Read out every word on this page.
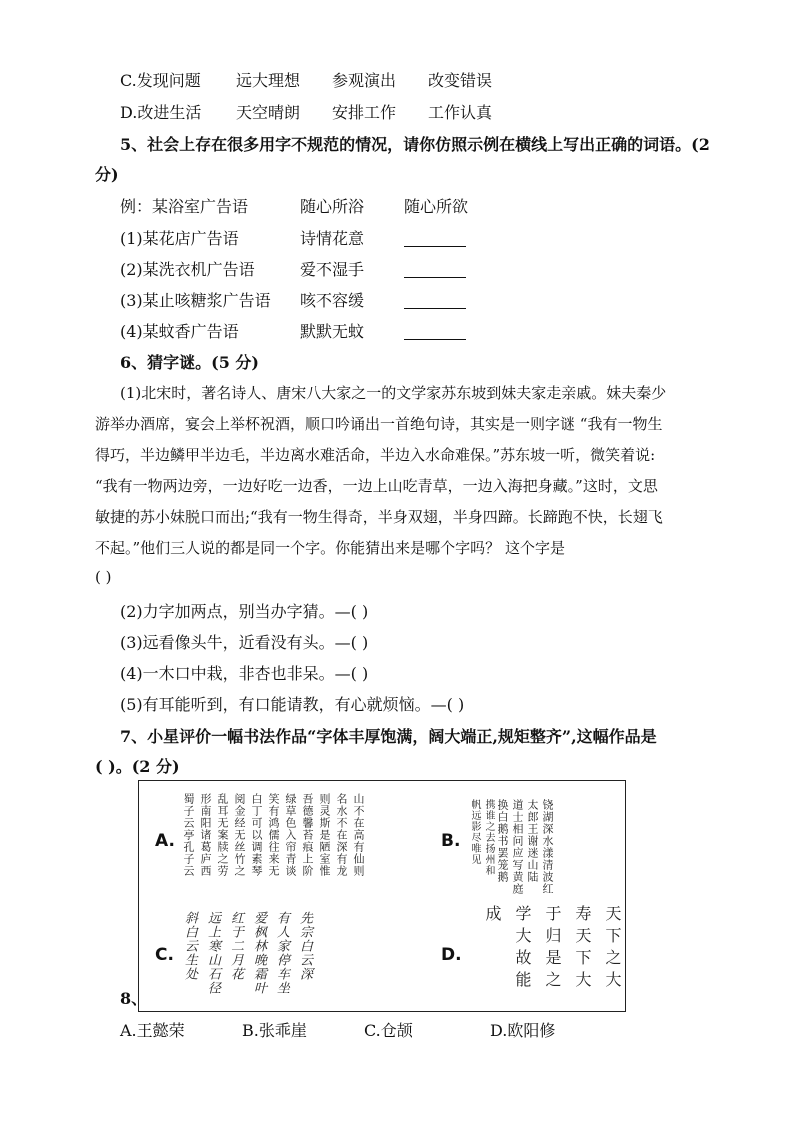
C.发现问题 远大理想 参观演出 改变错误
D.改进生活 天空晴朗 安排工作 工作认真
5、社会上存在很多用字不规范的情况，请你仿照示例在横线上写出正确的词语。(2
分)
例：某浴室广告语	随心所浴 随心所欲
(1)某花店广告语	诗情花意
(2)某洗衣机广告语	爱不湿手
(3)某止咳糖浆广告语 咳不容缓
(4)某蚊香广告语	默默无蚊
6、猜字谜。(5 分)
(1)北宋时，著名诗人、唐宋八大家之一的文学家苏东坡到妹夫家走亲戚。妹夫秦少
游举办酒席，宴会上举杯祝酒，顺口吟诵出一首绝句诗，其实是一则字谜 “我有一物生
得巧，半边鳞甲半边毛，半边离水难活命，半边入水命难保。”苏东坡一听，微笑着说:
“我有一物两边旁，一边好吃一边香，一边上山吃青草，一边入海把身藏。”这时，文思
敏捷的苏小妹脱口而出;“我有一物生得奇，半身双翅，半身四蹄。长蹄跑不快，长翅飞
不起。”他们三人说的都是同一个字。你能猜出来是哪个字吗？ 这个字是
( )
(2)力字加两点，别当办字猜。—( )
(3)远看像头牛，近看没有头。—( )
(4)一木口中栽，非杏也非呆。—( )
(5)有耳能听到，有口能请教，有心就烦恼。—( )
7、小星评价一幅书法作品“字体丰厚饱满，阔大端正,规矩整齐”,这幅作品是
( )。(2 分)
A.	山不在高有仙则
名水不在深有龙
则灵斯是陋室惟
吾德馨苔痕上阶
绿草色入帘青谈
笑有鸿儒往来无
白丁可以调素琴
阅金经无丝竹之
乱耳无案牍之劳
形南阳诸葛庐西
蜀子云亭孔子云	B.	铙湖深水漾清波红
太郎王谢迷山陆
道士相问应写黄庭
换白鹅书罢笼鹅
携谁之去扬州和
帆远影尽唯见
C.	先宗白云深
有人家停车坐
爱枫林晚霜叶
红于二月花
远上寒山石径
斜白云生处	D.	天下之大
寿天下大
于归是之
学大故能
成
8、
A.王懿荣	B.张乖崖	C.仓颉	D.欧阳修
